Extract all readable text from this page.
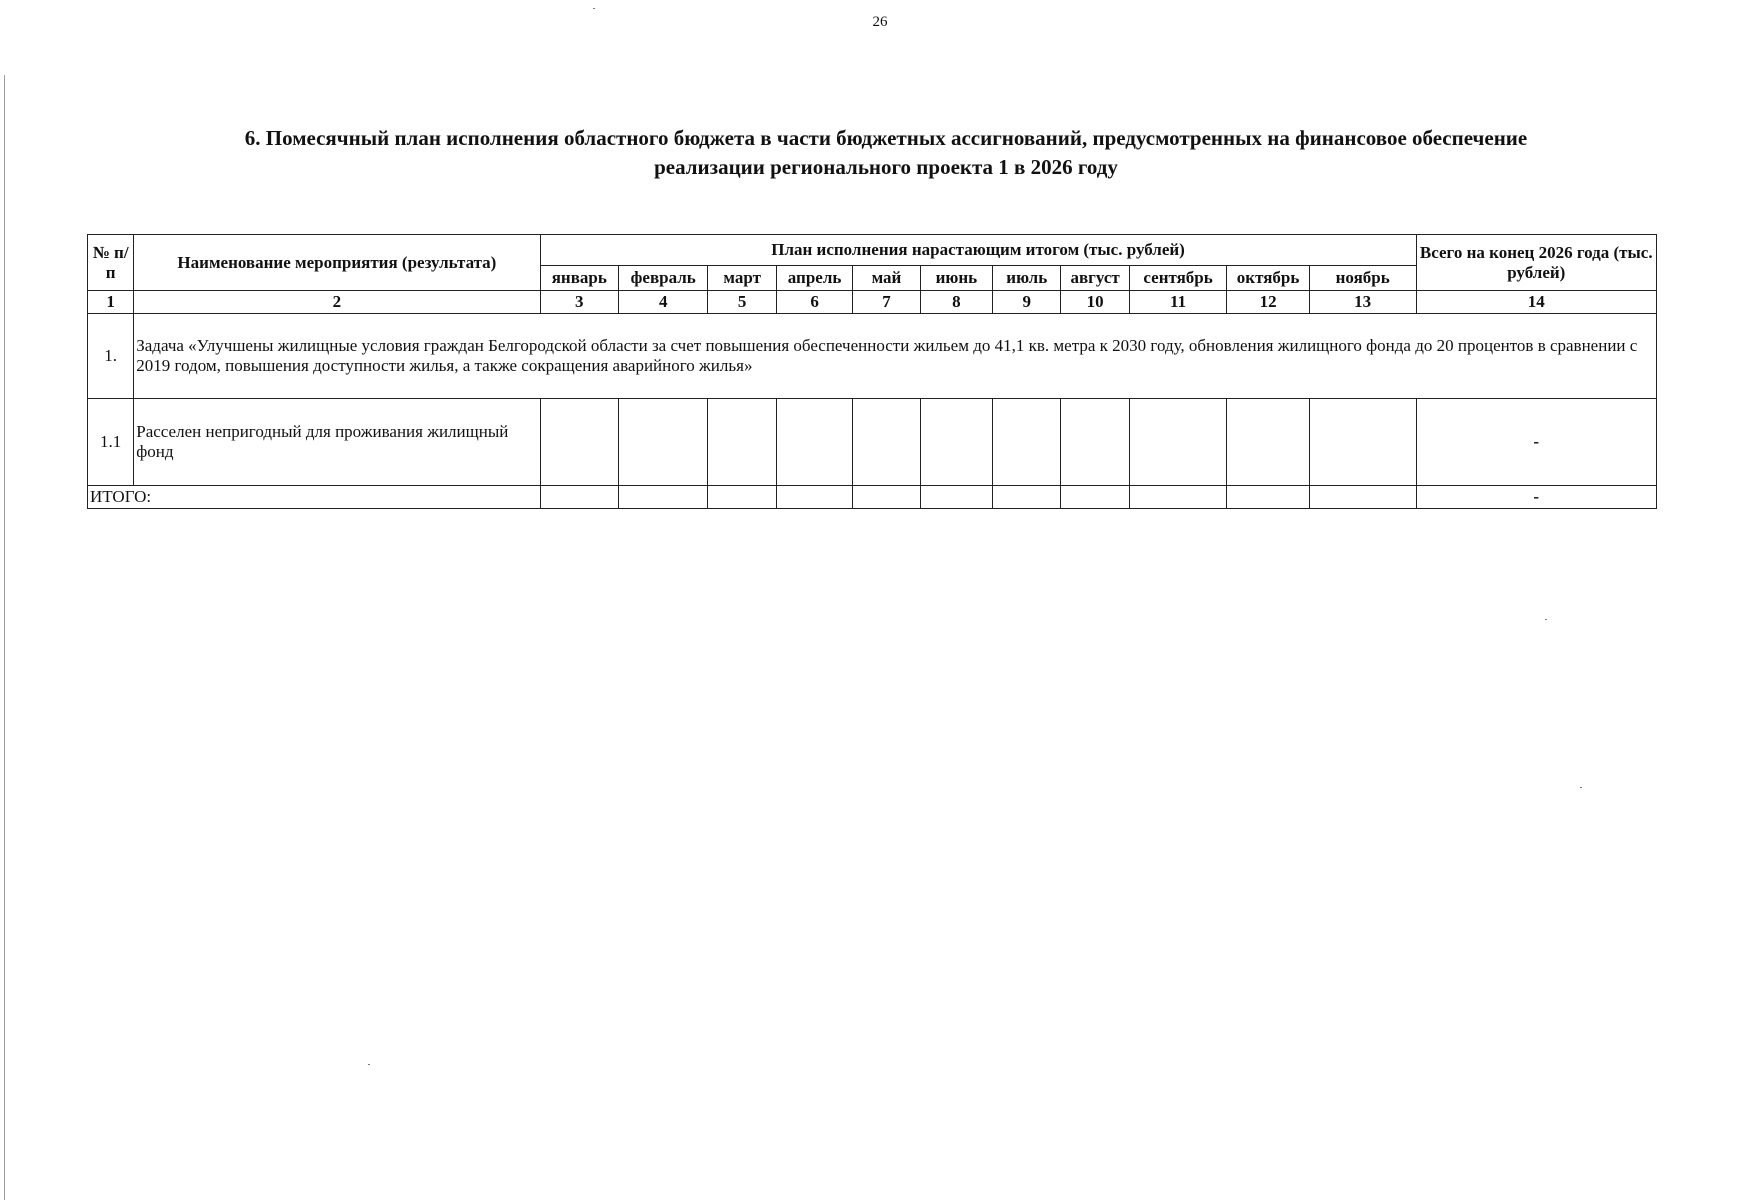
26
6. Помесячный план исполнения областного бюджета в части бюджетных ассигнований, предусмотренных на финансовое обеспечение
реализации регионального проекта 1 в 2026 году
№ п/п	Наименование мероприятия (результата)	План исполнения нарастающим итогом (тыс. рублей)											Всего на конец 2026 года (тыс. рублей)
		январь	февраль	март	апрель	май	июнь	июль	август	сентябрь	октябрь	ноябрь	
1	2	3	4	5	6	7	8	9	10	11	12	13	14
1.	Задача «Улучшены жилищные условия граждан Белгородской области за счет повышения обеспеченности жильем до 41,1 кв. метра к 2030 году, обновления жилищного фонда до 20 процентов в сравнении с 2019 годом, повышения доступности жилья, а также сокращения аварийного жилья»												
1.1	Расселен непригодный для проживания жилищный фонд												-
ИТОГО:													-
